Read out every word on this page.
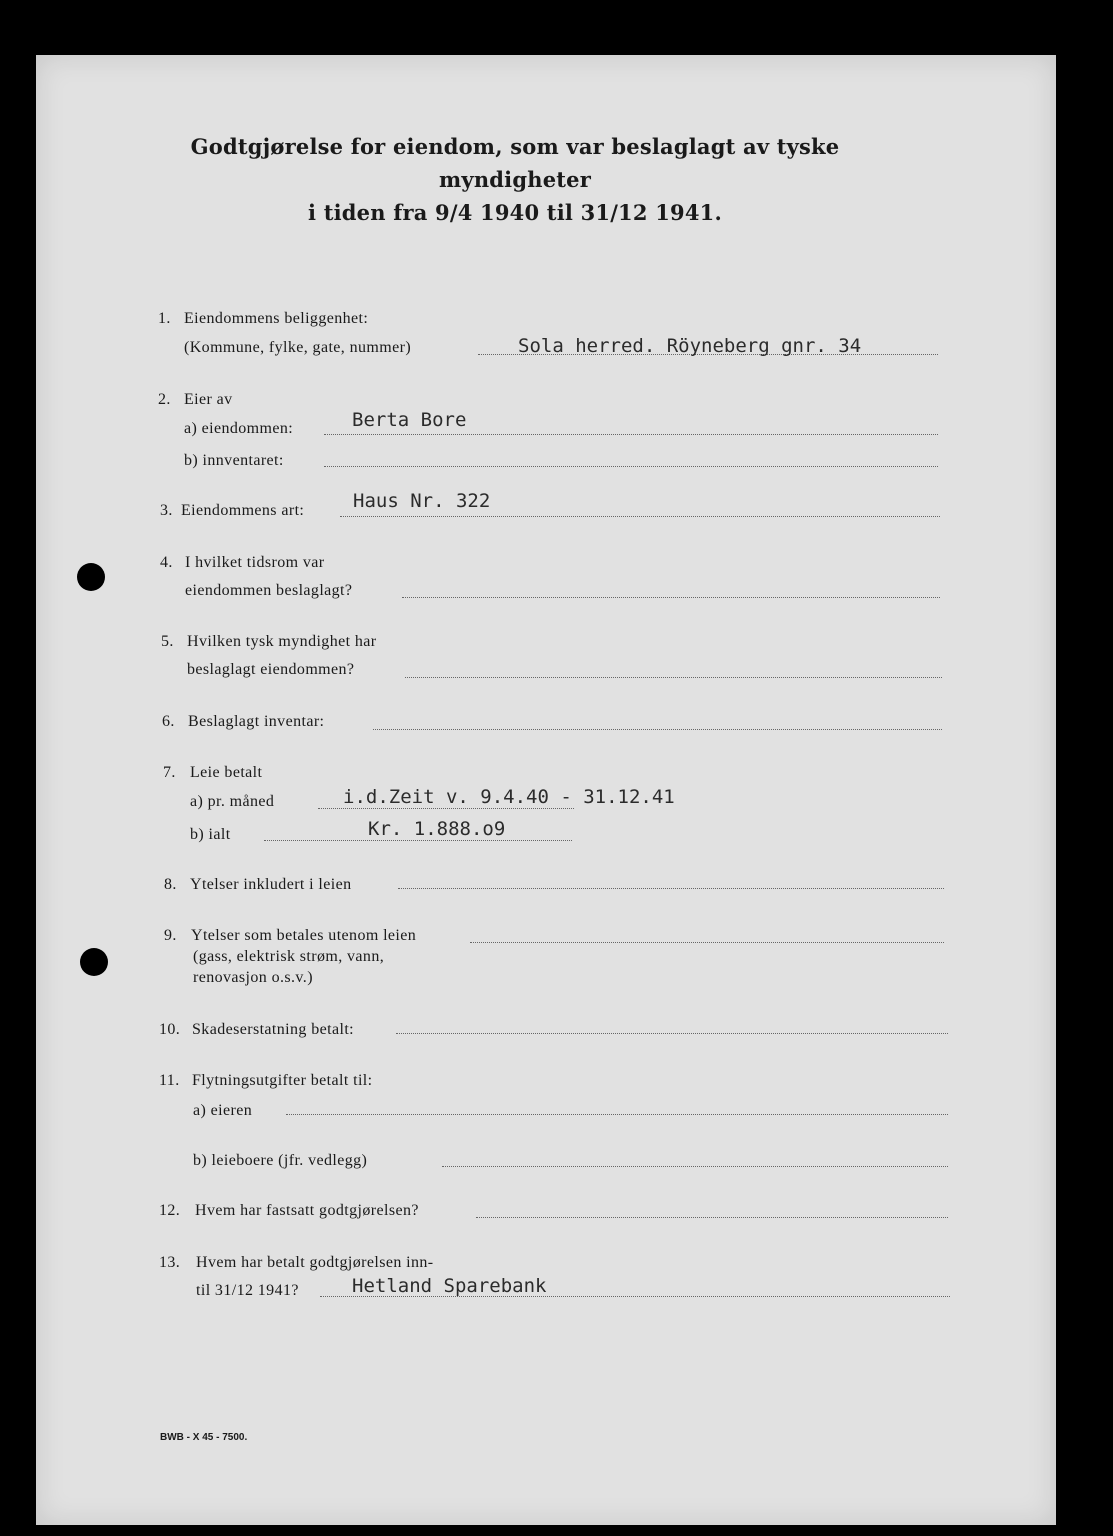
Godtgjørelse for eiendom, som var beslaglagt av tyske myndigheter
i tiden fra 9/4 1940 til 31/12 1941.
1. Eiendommens beliggenhet:
(Kommune, fylke, gate, nummer)	Sola herred. Röyneberg gnr. 34
2. Eier av
a) eiendommen:	Berta Bore
b) innventaret:
3. Eiendommens art:	Haus Nr. 322
4. I hvilket tidsrom var
eiendommen beslaglagt?
5. Hvilken tysk myndighet har
beslaglagt eiendommen?
6. Beslaglagt inventar:
7. Leie betalt
a) pr. måned	i.d.Zeit v. 9.4.40 - 31.12.41
b) ialt	Kr. 1.888.o9
8. Ytelser inkludert i leien
9. Ytelser som betales utenom leien
(gass, elektrisk strøm, vann,
renovasjon o.s.v.)
10. Skadeserstatning betalt:
11. Flytningsutgifter betalt til:
a) eieren
b) leieboere (jfr. vedlegg)
12. Hvem har fastsatt godtgjørelsen?
13. Hvem har betalt godtgjørelsen inn-
til 31/12 1941?	Hetland Sparebank
BWB - X 45 - 7500.
